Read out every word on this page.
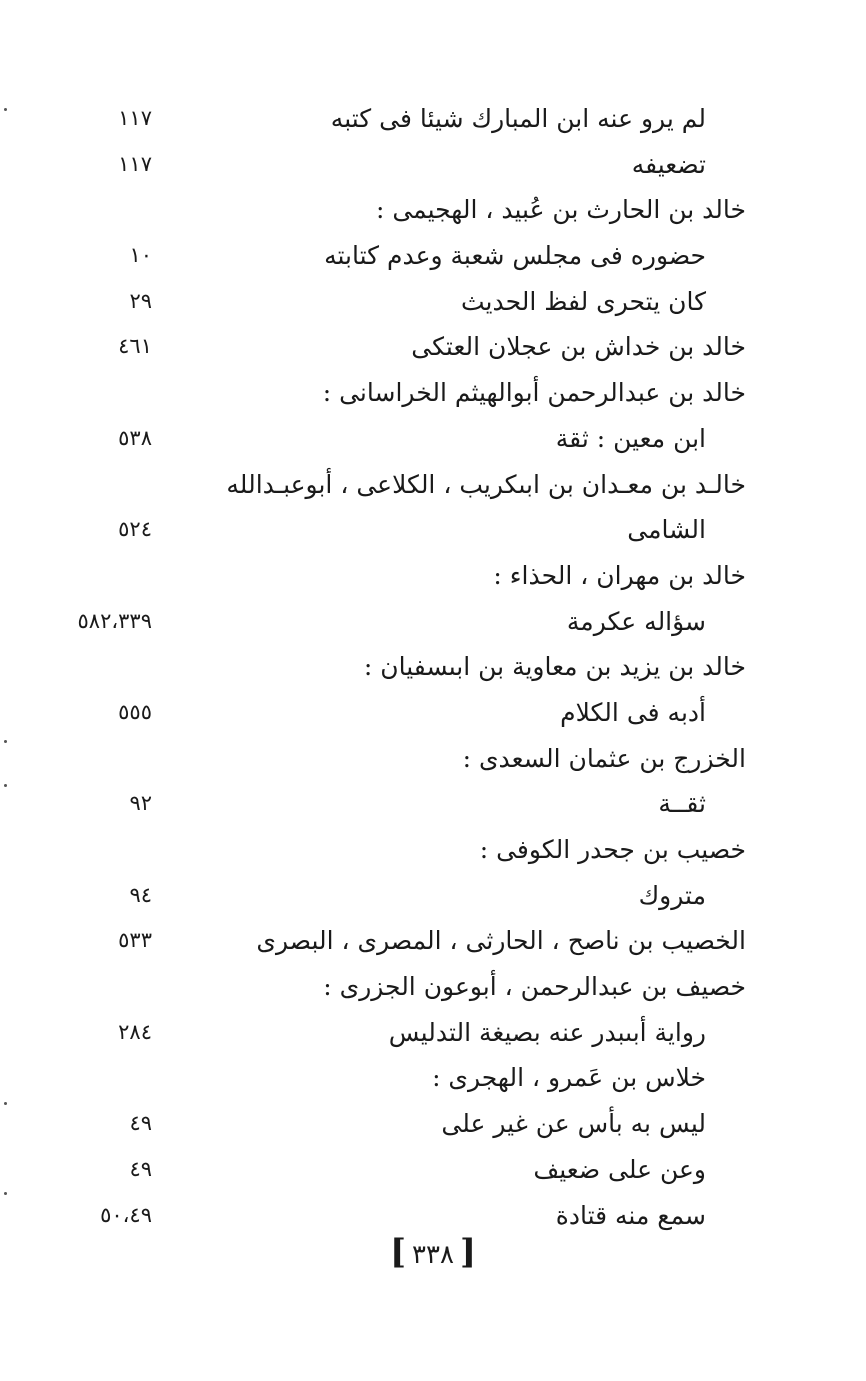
لم يرو عنه ابن المبارك شيئا فى كتبه
١١٧
تضعيفه
١١٧
خالد بن الحارث بن عُبيد ، الهجيمى :
حضوره فى مجلس شعبة وعدم كتابته
١٠
كان يتحرى لفظ الحديث
٢٩
خالد بن خداش بن عجلان العتكى
٤٦١
خالد بن عبدالرحمن أبوالهيثم الخراسانى :
ابن معين : ثقة
٥٣٨
خالـد بن معـدان بن ابىكريب ، الكلاعى ، أبوعبـدالله
الشامى
٥٢٤
خالد بن مهران ، الحذاء :
سؤاله عكرمة
٥٨٢،٣٣٩
خالد بن يزيد بن معاوية بن ابىسفيان :
أدبه فى الكلام
٥٥٥
الخزرج بن عثمان السعدى :
ثقــة
٩٢
خصيب بن جحدر الكوفى :
متروك
٩٤
الخصيب بن ناصح ، الحارثى ، المصرى ، البصرى
٥٣٣
خصيف بن عبدالرحمن ، أبوعون الجزرى :
رواية أبىبدر عنه بصيغة التدليس
٢٨٤
خلاس بن عَمرو ، الهجرى :
ليس به بأس عن غير على
٤٩
وعن على ضعيف
٤٩
سمع منه قتادة
٥٠،٤٩
[٣٣٨]
